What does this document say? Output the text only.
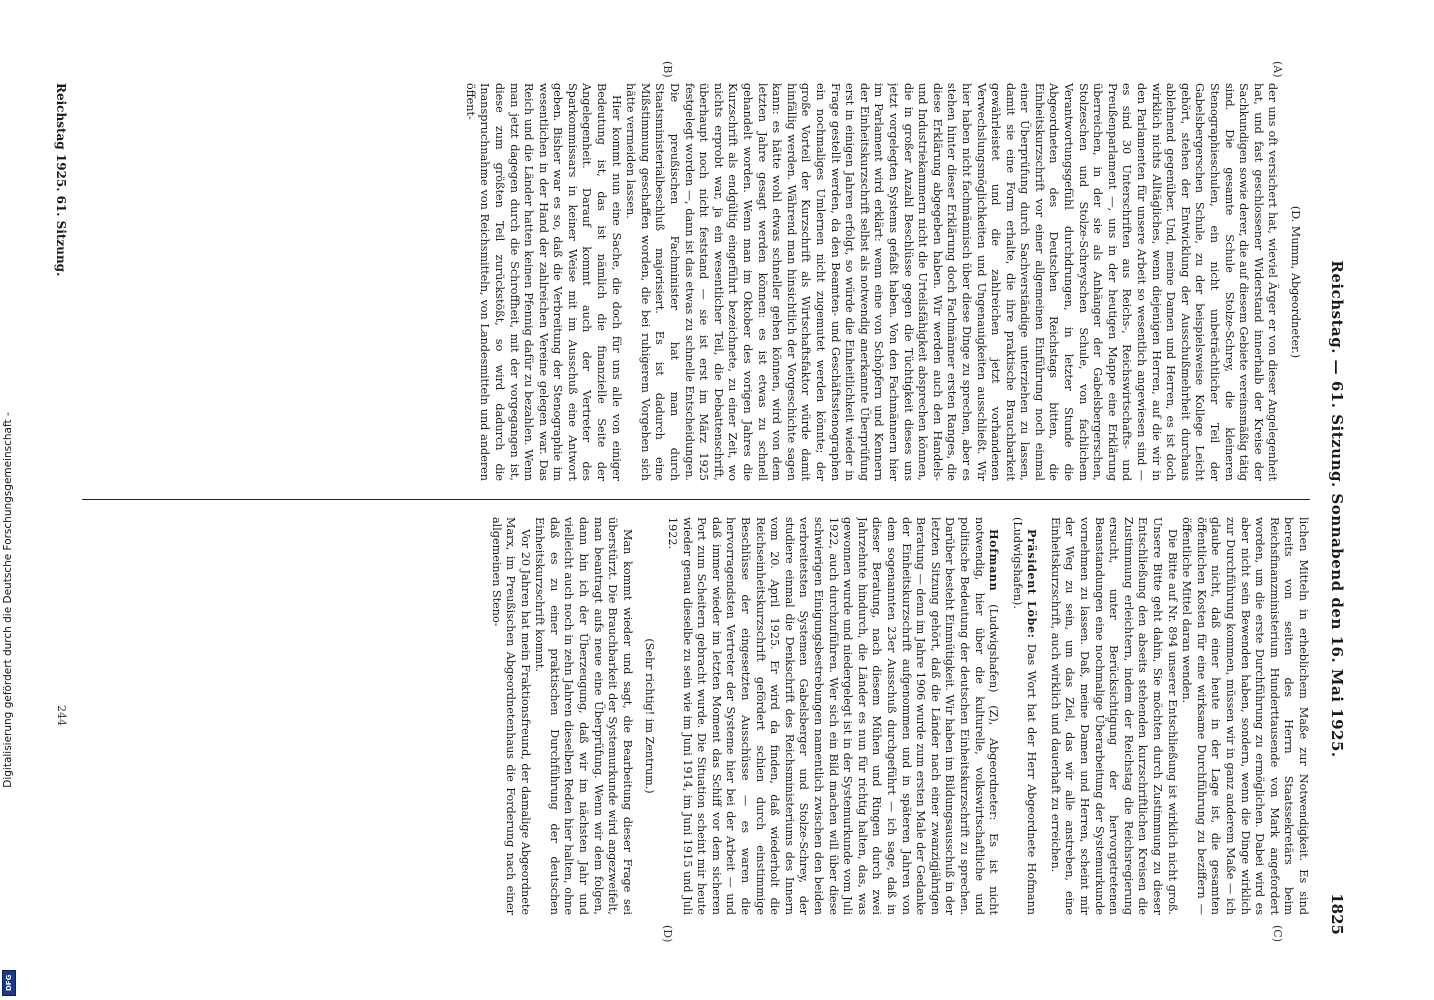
Reichstag. — 61. Sitzung. Sonnabend den 16. Mai 1925.
1825
(A)
(B)
(C)
(D)

(D. Mumm, Abgeordneter.)

der uns oft versichert hat, wieviel Ärger er von dieser Angelegenheit hat, und fast geschlossener Widerstand innerhalb der Kreise der Sachkundigen sowie derer, die auf diesem Gebiete vereinsmäßig tätig sind. Die gesamte Schule Stolze-Schrey, die kleineren Stenographieschulen, ein nicht unbeträchtlicher Teil der Gabelsbergerschen Schule, zu der beispielsweise Kollege Leicht gehört, stehen der Entwicklung der Ausschußmehrheit durchaus ablehnend gegenüber. Und, meine Damen und Herren, es ist doch wirklich nichts Alltägliches, wenn diejenigen Herren, auf die wir in den Parlamenten für unsere Arbeit so wesentlich angewiesen sind — es sind 30 Unterschriften aus Reichs-, Reichswirtschafts- und Preußenparlament —, uns in der heutigen Mappe eine Erklärung überreichen, in der sie als Anhänger der Gabelsbergerschen, Stolzeschen und Stolze-Schreyschen Schule, von fachlichem Verantwortungsgefühl durchdrungen, in letzter Stunde die Abgeordneten des Deutschen Reichstags bitten, die Einheitskurzschrift vor einer allgemeinen Einführung noch einmal einer Überprüfung durch Sachverständige unterziehen zu lassen, damit sie eine Form erhalte, die ihre praktische Brauchbarkeit gewährleistet und die zahlreichen jetzt vorhandenen Verwechslungsmöglichkeiten und Ungenauigkeiten ausschließt. Wir hier haben nicht fachmännisch über diese Dinge zu sprechen, aber es stehen hinter dieser Erklärung doch Fachmänner ersten Ranges, die diese Erklärung abgegeben haben. Wir werden auch den Handels- und Industriekammern nicht die Urteilsfähigkeit absprechen können, die in großer Anzahl Beschlüsse gegen die Tüchtigkeit dieses uns jetzt vorgelegten Systems gefaßt haben. Von den Fachmännern hier im Parlament wird erklärt: wenn eine von Schöpfern und Kennern der Einheitskurzschrift selbst als notwendig anerkannte Überprüfung erst in einigen Jahren erfolgt, so würde die Einheitlichkeit wieder in Frage gestellt werden, da den Beamten- und Geschäftsstenographen ein nochmaliges Umlernen nicht zugemutet werden könnte; der große Vorteil der Kurzschrift als Wirtschaftsfaktor würde damit hinfällig werden. Während man hinsichtlich der Vorgeschichte sagen kann: es hätte wohl etwas schneller gehen können, wird von dem letzten Jahre gesagt werden können: es ist etwas zu schnell gehandelt worden. Wenn man im Oktober des vorigen Jahres die Kurzschrift als endgültig eingeführt bezeichnete, zu einer Zeit, wo nichts erprobt war, ja ein wesentlicher Teil, die Debattenschrift, überhaupt noch nicht feststand — sie ist erst im März 1925 festgelegt worden —, dann ist das etwas zu schnelle Entscheidungen. Die preußischen Fachminister hat man durch Staatsministerialbeschluß majorisiert. Es ist dadurch eine Mißstimmung geschaffen worden, die bei ruhigerem Vorgehen sich hätte vermeiden lassen.

Hier kommt nun eine Sache, die doch für uns alle von einiger Bedeutung ist, das ist nämlich die finanzielle Seite der Angelegenheit. Darauf kommt auch der Vertreter des Sparkommissars in keiner Weise mit im Ausschuß eine Antwort geben. Bisher war es so, daß die Verbreitung der Stenographie im wesentlichen in der Hand der zahlreichen Vereine gelegen war. Das Reich und die Länder hatten keinen Pfennig dafür zu bezahlen. Wenn man jetzt dagegen durch die Schroffheit, mit der vorgegangen ist, diese zum größten Teil zurückstößt, so wird dadurch die Inanspruchnahme von Reichsmitteln, von Landesmitteln und anderen öffent-

lichen Mitteln in erheblichem Maße zur Notwendigkeit. Es sind bereits von seiten des Herrn Staatssekretärs beim Reichsfinanzministerium Hunderttausende von Mark angefordert worden, um die erste Durchführung zu ermöglichen. Dabei wird es aber nicht sein Bewenden haben, sondern, wenn die Dinge wirklich zur Durchführung kommen, müssen wir in ganz anderem Maße — ich glaube nicht, daß einer heute in der Lage ist, die gesamten öffentlichen Kosten für eine wirksame Durchführung zu beziffern — öffentliche Mittel daran wenden.

Die Bitte auf Nr. 894 unserer Entschließung ist wirklich nicht groß. Unsere Bitte geht dahin, Sie möchten durch Zustimmung zu dieser Entschließung den abseits stehenden kurzschriftlichen Kreisen die Zustimmung erleichtern, indem der Reichstag die Reichsregierung ersucht, unter Berücksichtigung der hervorgetretenen Beanstandungen eine nochmalige Überarbeitung der Systemurkunde vornehmen zu lassen. Daß, meine Damen und Herren, scheint mir der Weg zu sein, um das Ziel, das wir alle anstreben, eine Einheitskurzschrift, auch wirklich und dauerhaft zu erreichen.

Präsident Löbe: Das Wort hat der Herr Abgeordnete Hofmann (Ludwigshafen).

Hofmann (Ludwigshafen) (Z), Abgeordneter: Es ist nicht notwendig, hier über die kulturelle, volkswirtschaftliche und politische Bedeutung der deutschen Einheitskurzschrift zu sprechen. Darüber besteht Einmütigkeit. Wir haben im Bildungsausschuß in der letzten Sitzung gehört, daß die Länder nach einer zwanzigjährigen Beratung — denn im Jahre 1906 wurde zum ersten Male der Gedanke der Einheitskurzschrift aufgenommen und in späteren Jahren von dem sogenannten 23er Ausschuß durchgeführt — ich sage, daß in dieser Beratung, nach diesem Mühen und Ringen durch zwei Jahrzehnte hindurch, die Länder es nun für richtig halten, das, was gewonnen wurde und niedergelegt ist in der Systemurkunde vom Juli 1922, auch durchzuführen. Wer sich ein Bild machen will über diese schwierigen Einigungsbestrebungen namentlich zwischen den beiden verbreitetsten Systemen Gabelsberger und Stolze-Schrey, der studiere einmal die Denkschrift des Reichsministeriums des Innern vom 20. April 1925. Er wird da finden, daß wiederholt die Reichseinheitskurzschrift gefördert schien durch einstimmige Beschlüsse der eingesetzten Ausschüsse — es waren die hervorragendsten Vertreter der Systeme hier bei der Arbeit — und daß immer wieder im letzten Moment das Schiff vor dem sicheren Port zum Scheitern gebracht wurde. Die Situation scheint mir heute wieder genau dieselbe zu sein wie im Juni 1914, im Juni 1915 und Juli 1922.

(Sehr richtig! im Zentrum.)

Man kommt wieder und sagt, die Bearbeitung dieser Frage sei überstürzt. Die Brauchbarkeit der Systemurkunde wird angezweifelt, man beantragt aufs neue eine Überprüfung. Wenn wir dem folgen, dann bin ich der Überzeugung, daß wir im nächsten Jahr und vielleicht auch noch in zehn Jahren dieselben Reden hier halten, ohne daß es zu einer praktischen Durchführung der deutschen Einheitskurzschrift kommt.

Vor 20 Jahren hat mein Fraktionsfreund, der damalige Abgeordnete Marx, im Preußischen Abgeordnetenhaus die Forderung nach einer allgemeinen Steno-

Reichstag 1925. 61. Sitzung.
244
Digitalisierung gefördert durch die Deutsche Forschungsgemeinschaft -
DFG
